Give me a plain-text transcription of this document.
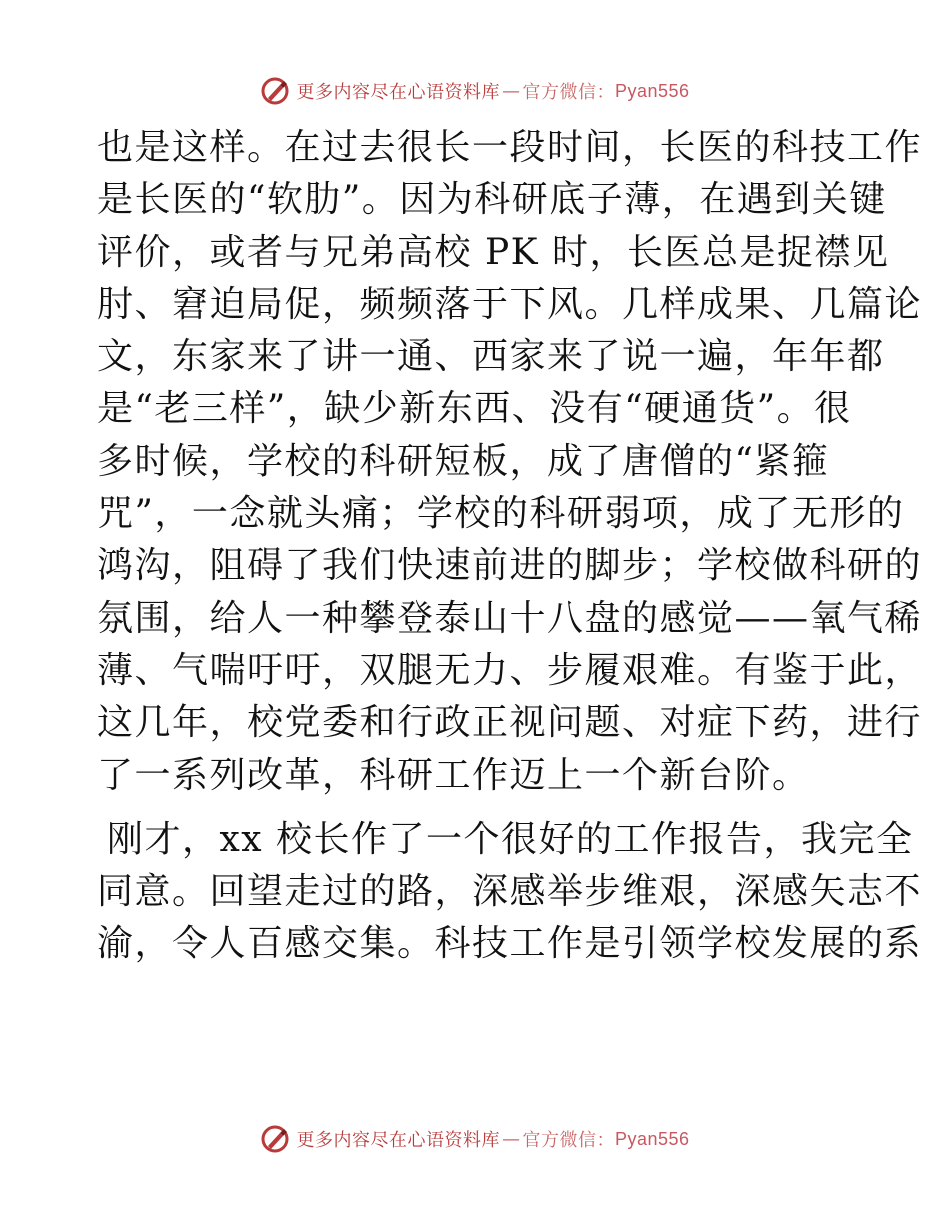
更多内容尽在心语资料库 — 官方微信： Pyan556
也是这样。在过去很长一段时间，长医的科技工作
是长医的“软肋”。因为科研底子薄，在遇到关键
评价，或者与兄弟高校 PK 时，长医总是捉襟见
肘、窘迫局促，频频落于下风。几样成果、几篇论
文，东家来了讲一通、西家来了说一遍，年年都
是“老三样”，缺少新东西、没有“硬通货”。很
多时候，学校的科研短板，成了唐僧的“紧箍
咒”，一念就头痛；学校的科研弱项，成了无形的
鸿沟，阻碍了我们快速前进的脚步；学校做科研的
氛围，给人一种攀登泰山十八盘的感觉——氧气稀
薄、气喘吁吁，双腿无力、步履艰难。有鉴于此，
这几年，校党委和行政正视问题、对症下药，进行
了一系列改革，科研工作迈上一个新台阶。
刚才，xx 校长作了一个很好的工作报告，我完全
同意。回望走过的路，深感举步维艰，深感矢志不
渝，令人百感交集。科技工作是引领学校发展的系
更多内容尽在心语资料库 — 官方微信： Pyan556
